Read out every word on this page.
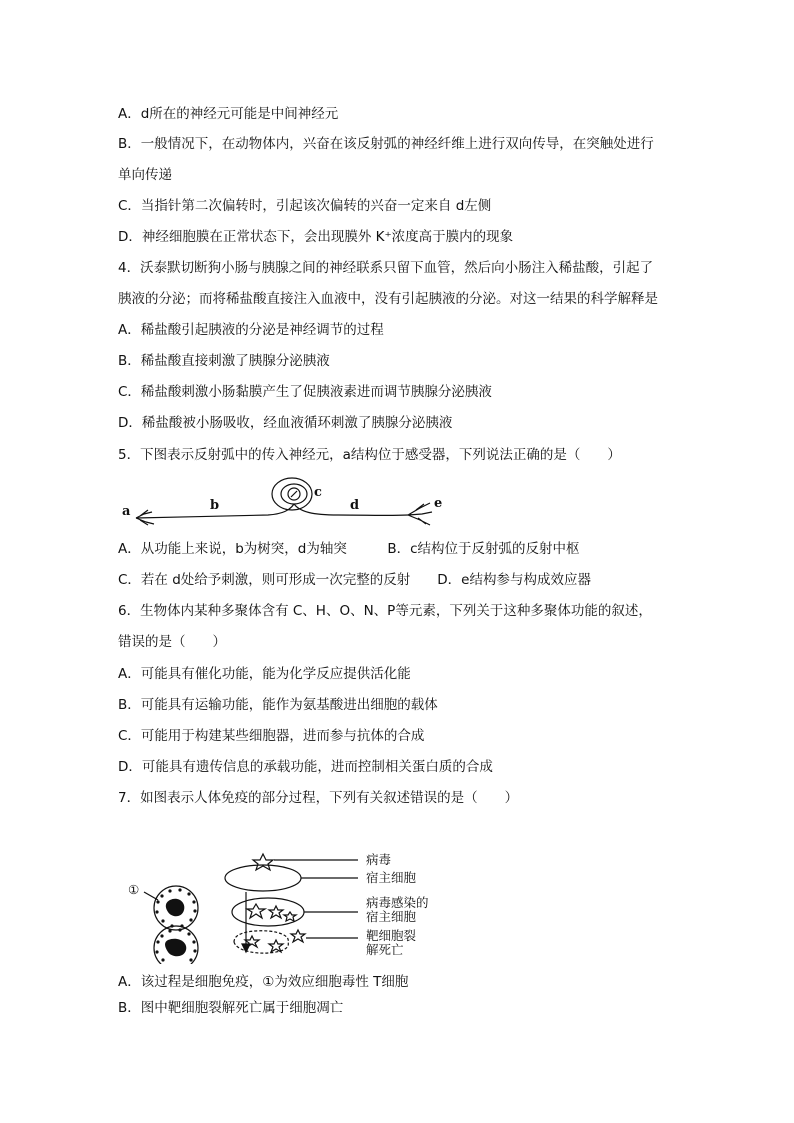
A．d所在的神经元可能是中间神经元
B．一般情况下，在动物体内，兴奋在该反射弧的神经纤维上进行双向传导，在突触处进行
单向传递
C．当指针第二次偏转时，引起该次偏转的兴奋一定来自 d左侧
D．神经细胞膜在正常状态下，会出现膜外 K⁺浓度高于膜内的现象
4．沃泰默切断狗小肠与胰腺之间的神经联系只留下血管，然后向小肠注入稀盐酸，引起了
胰液的分泌；而将稀盐酸直接注入血液中，没有引起胰液的分泌。对这一结果的科学解释是
A．稀盐酸引起胰液的分泌是神经调节的过程
B．稀盐酸直接刺激了胰腺分泌胰液
C．稀盐酸刺激小肠黏膜产生了促胰液素进而调节胰腺分泌胰液
D．稀盐酸被小肠吸收，经血液循环刺激了胰腺分泌胰液
5．下图表示反射弧中的传入神经元，a结构位于感受器，下列说法正确的是（　　）
a	b
c
d	e
A．从功能上来说，b为树突，d为轴突　　　B．c结构位于反射弧的反射中枢
C．若在 d处给予刺激，则可形成一次完整的反射　　D．e结构参与构成效应器
6．生物体内某种多聚体含有 C、H、O、N、P等元素，下列关于这种多聚体功能的叙述，
错误的是（　　）
A．可能具有催化功能，能为化学反应提供活化能
B．可能具有运输功能，能作为氨基酸进出细胞的载体
C．可能用于构建某些细胞器，进而参与抗体的合成
D．可能具有遗传信息的承载功能，进而控制相关蛋白质的合成
7．如图表示人体免疫的部分过程，下列有关叙述错误的是（　　）
①
病毒
宿主细胞
病毒感染的
宿主细胞
靶细胞裂
解死亡
A．该过程是细胞免疫，①为效应细胞毒性 T细胞
B．图中靶细胞裂解死亡属于细胞凋亡
